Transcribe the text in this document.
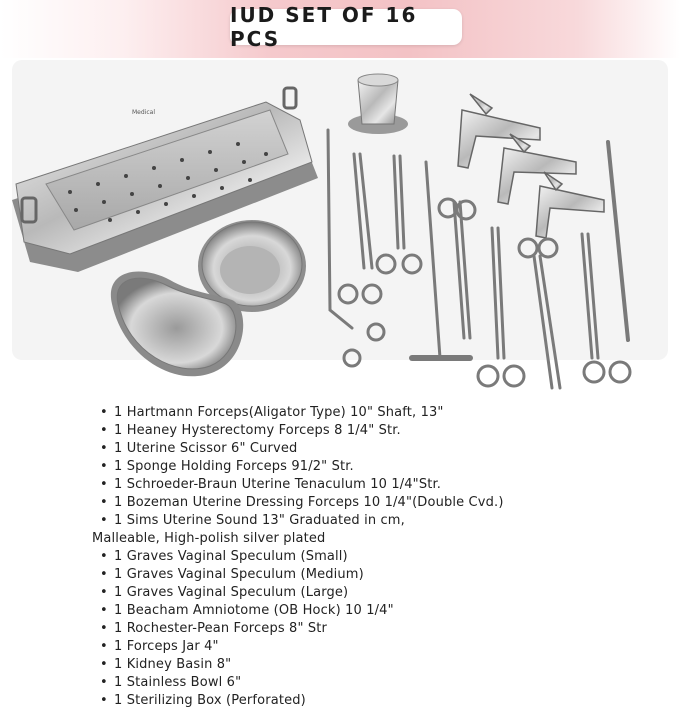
IUD SET OF 16 PCS
Medical
• 1 Hartmann Forceps(Aligator Type) 10" Shaft, 13"
• 1 Heaney Hysterectomy Forceps 8 1/4" Str.
• 1 Uterine Scissor 6" Curved
• 1 Sponge Holding Forceps 91/2" Str.
• 1 Schroeder-Braun Uterine Tenaculum 10 1/4"Str.
• 1 Bozeman Uterine Dressing Forceps 10 1/4"(Double Cvd.)
• 1 Sims Uterine Sound 13" Graduated in cm,
Malleable, High-polish silver plated
• 1 Graves Vaginal Speculum (Small)
• 1 Graves Vaginal Speculum (Medium)
• 1 Graves Vaginal Speculum (Large)
• 1 Beacham Amniotome (OB Hock) 10 1/4"
• 1 Rochester-Pean Forceps 8" Str
• 1 Forceps Jar 4"
• 1 Kidney Basin 8"
• 1 Stainless Bowl 6"
• 1 Sterilizing Box (Perforated)
